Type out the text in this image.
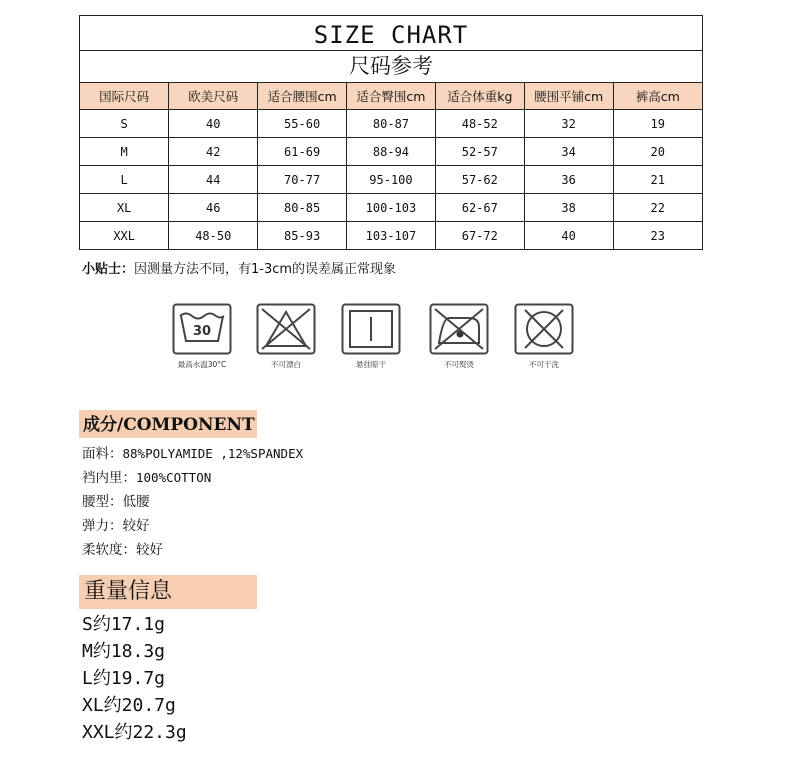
SIZE CHART
尺码参考
国际尺码	欧美尺码	适合腰围cm	适合臀围cm	适合体重kg	腰围平铺cm	裤高cm
S	40	55-60	80-87	48-52	32	19
M	42	61-69	88-94	52-57	34	20
L	44	70-77	95-100	57-62	36	21
XL	46	80-85	100-103	62-67	38	22
XXL	48-50	85-93	103-107	67-72	40	23
小贴士：因测量方法不同，有1-3cm的误差属正常现象
30
最高水温30°C	不可漂白	悬挂晾干	不可熨烫	不可干洗
成分/COMPONENT
面料：88%POLYAMIDE ,12%SPANDEX
裆内里：100%COTTON
腰型：低腰
弹力：较好
柔软度：较好
重量信息
S约17.1g
M约18.3g
L约19.7g
XL约20.7g
XXL约22.3g
